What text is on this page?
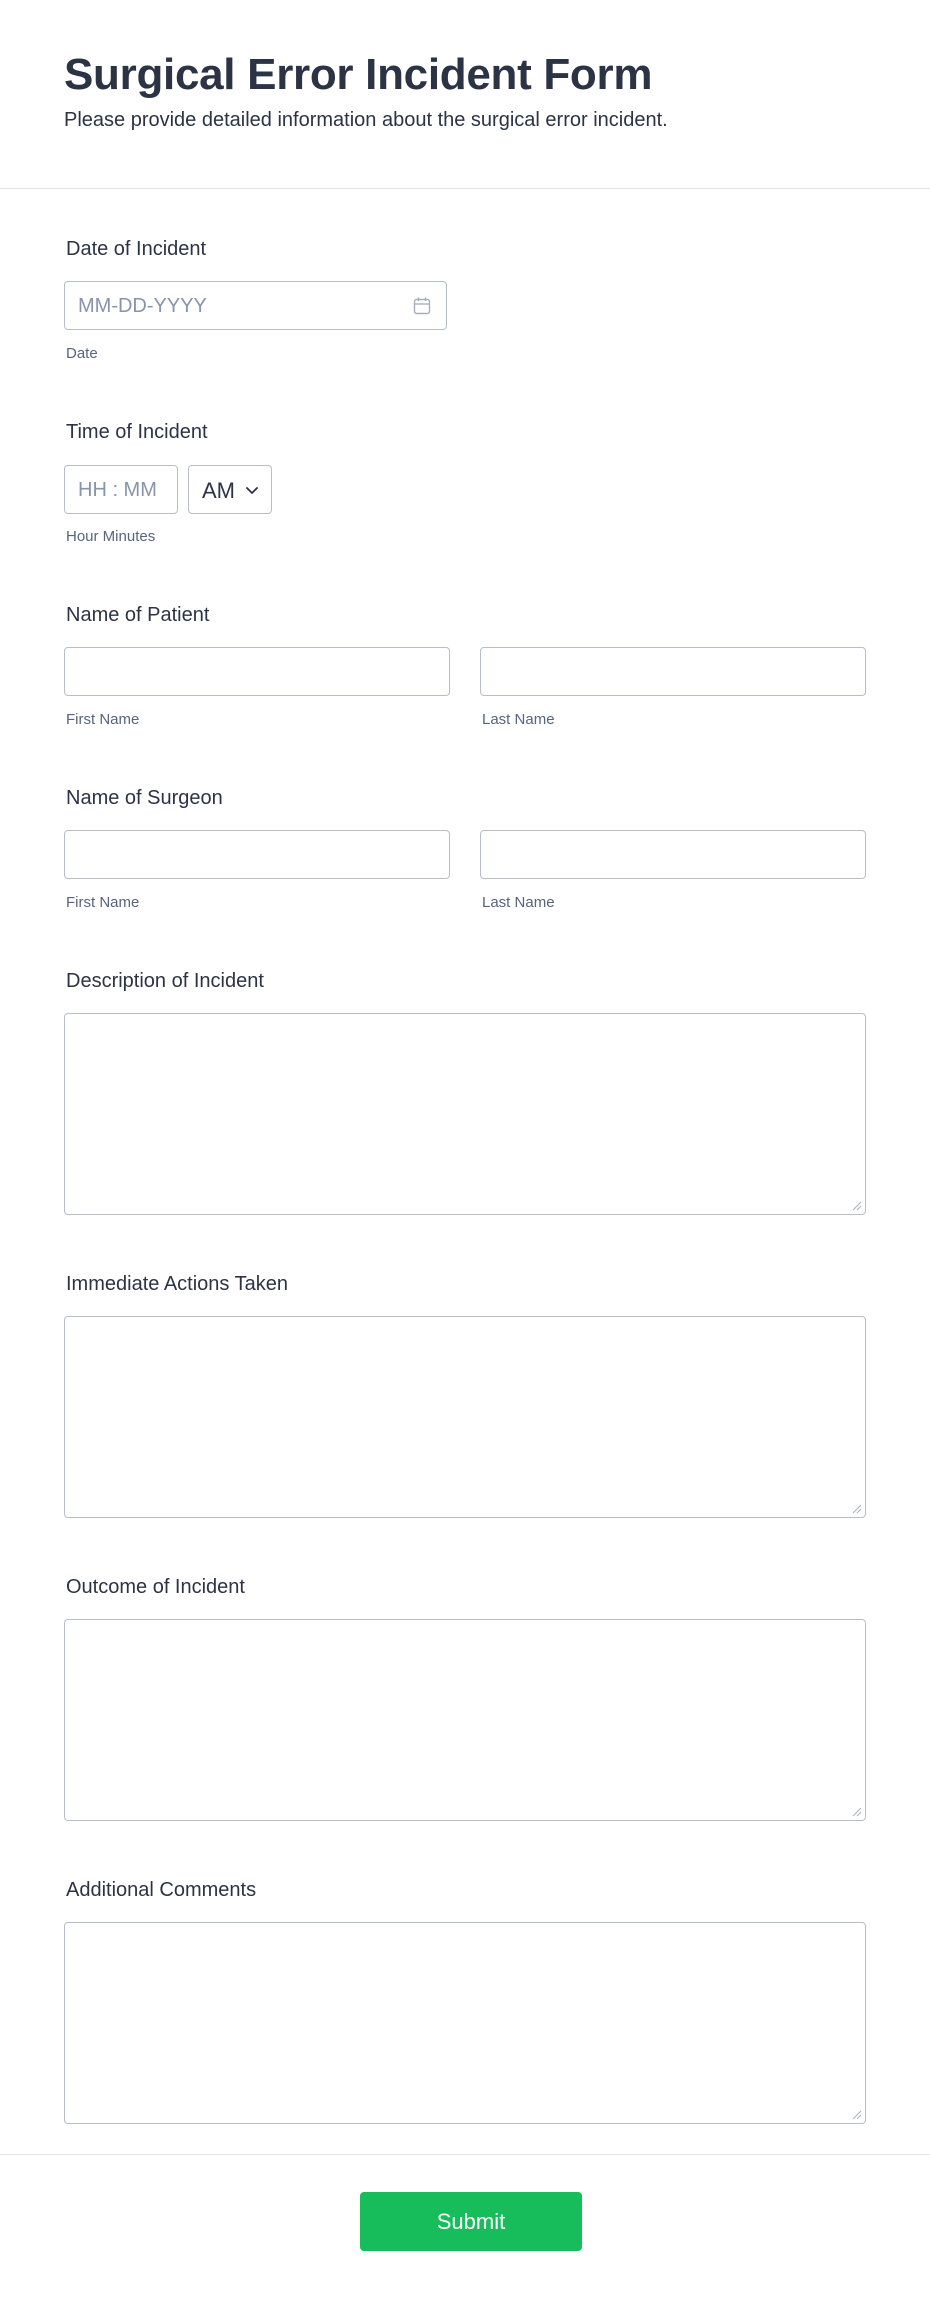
Surgical Error Incident Form
Please provide detailed information about the surgical error incident.
Date of Incident
MM-DD-YYYY
Date
Time of Incident
HH : MM AM
Hour Minutes
Name of Patient
First Name	Last Name
Name of Surgeon
First Name	Last Name
Description of Incident
Immediate Actions Taken
Outcome of Incident
Additional Comments
Submit
